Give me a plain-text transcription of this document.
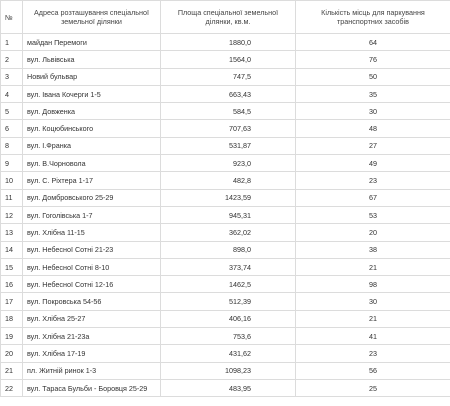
№	Адреса розташування спеціальної земельної ділянки	Площа спеціальної земельної ділянки, кв.м.	Кількість місць для паркування транспортних засобів
1	майдан Перемоги	1880,0	64
2	вул. Львівська	1564,0	76
3	Новий бульвар	747,5	50
4	вул. Івана Кочерги 1-5	663,43	35
5	вул. Довженка	584,5	30
6	вул. Коцюбинського	707,63	48
8	вул. І.Франка	531,87	27
9	вул. В.Чорновола	923,0	49
10	вул. С. Ріхтера 1-17	482,8	23
11	вул. Домбровського 25-29	1423,59	67
12	вул. Гоголівська 1-7	945,31	53
13	вул. Хлібна 11-15	362,02	20
14	вул. Небесної Сотні 21-23	898,0	38
15	вул. Небесної Сотні 8-10	373,74	21
16	вул. Небесної Сотні 12-16	1462,5	98
17	вул. Покровська 54-56	512,39	30
18	вул. Хлібна 25-27	406,16	21
19	вул. Хлібна 21-23а	753,6	41
20	вул. Хлібна 17-19	431,62	23
21	пл. Житній ринок 1-3	1098,23	56
22	вул. Тараса Бульби - Боровця 25-29	483,95	25
